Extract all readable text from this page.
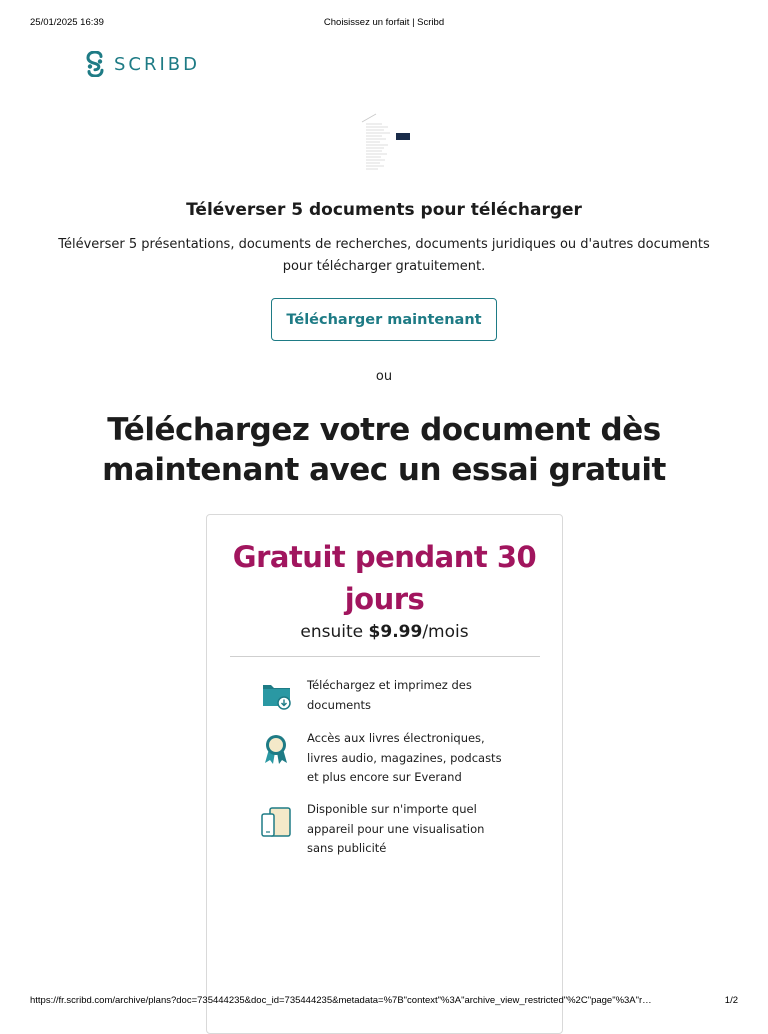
25/01/2025 16:39	Choisissez un forfait | Scribd
SCRIBD
Téléverser 5 documents pour télécharger
Téléverser 5 présentations, documents de recherches, documents juridiques ou d'autres documents pour télécharger gratuitement.
Télécharger maintenant
ou
Téléchargez votre document dès maintenant avec un essai gratuit
Gratuit pendant 30 jours
ensuite $9.99/mois
Téléchargez et imprimez des documents
Accès aux livres électroniques, livres audio, magazines, podcasts et plus encore sur Everand
Disponible sur n'importe quel appareil pour une visualisation sans publicité
https://fr.scribd.com/archive/plans?doc=735444235&doc_id=735444235&metadata=%7B"context"%3A"archive_view_restricted"%2C"page"%3A"r…	1/2
